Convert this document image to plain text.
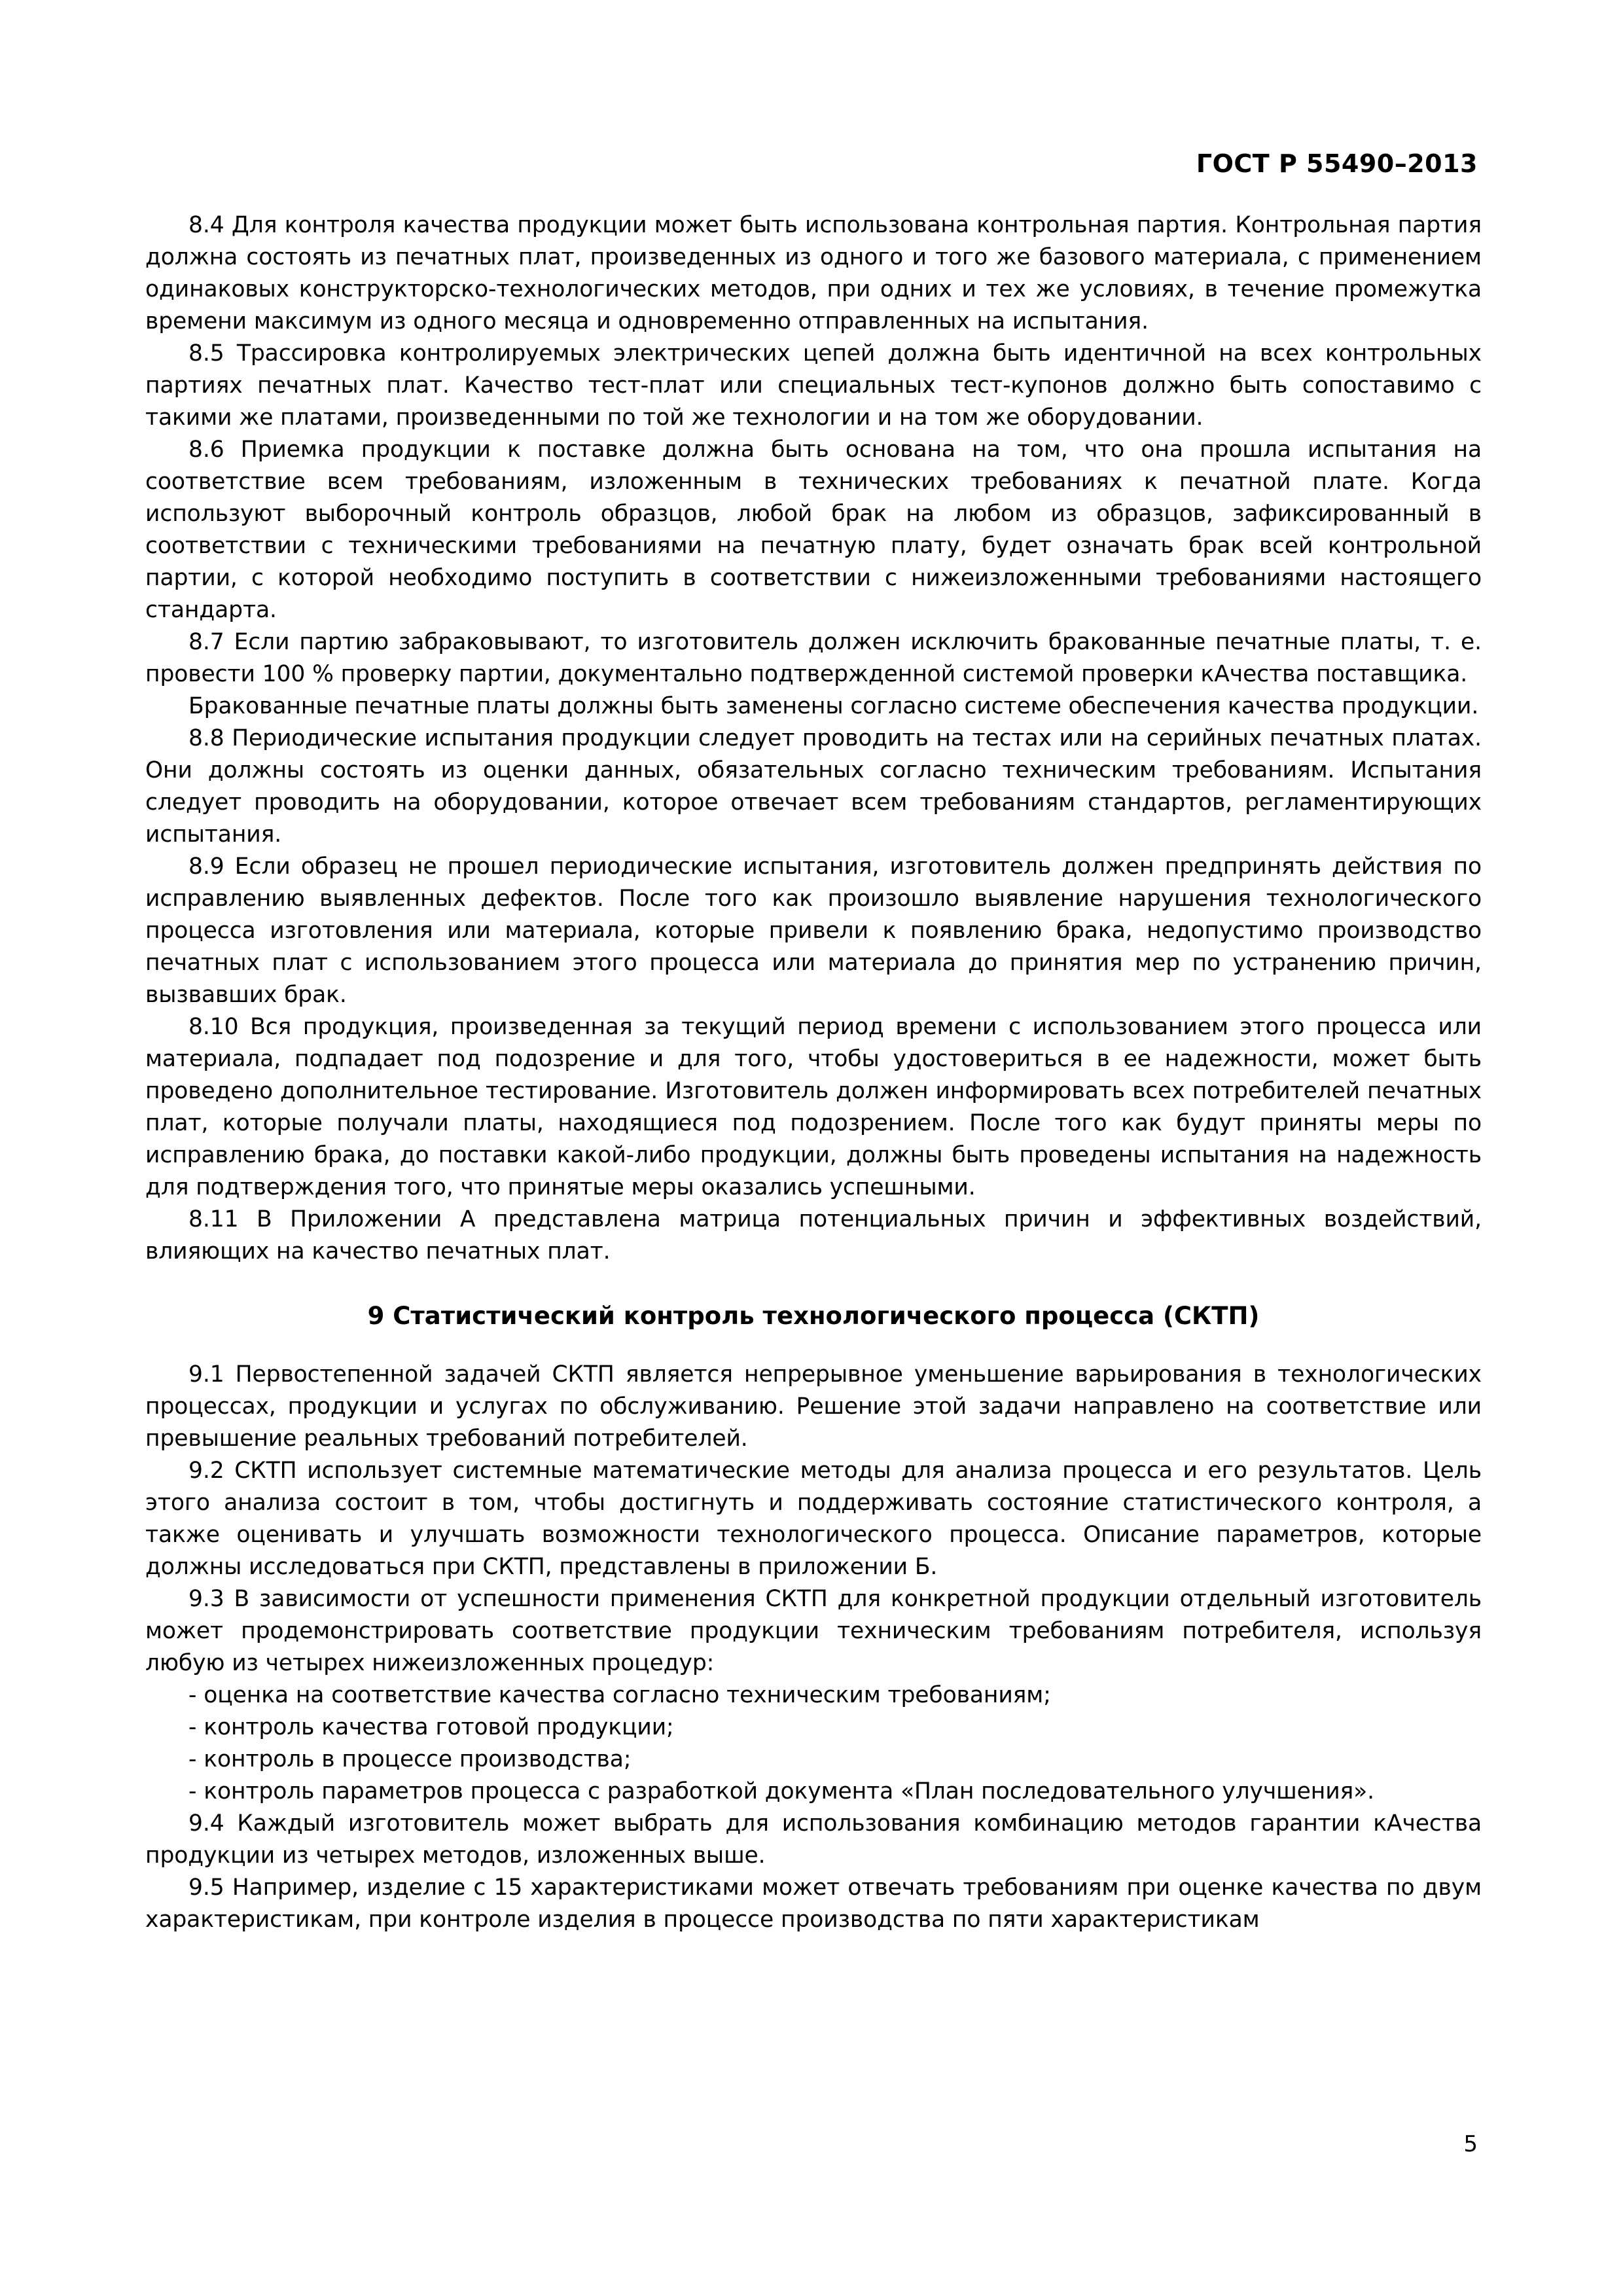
ГОСТ Р 55490–2013

8.4 Для контроля качества продукции может быть использована контрольная партия. Контрольная партия должна состоять из печатных плат, произведенных из одного и того же базового материала, с применением одинаковых конструкторско-технологических методов, при одних и тех же условиях, в течение промежутка времени максимум из одного месяца и одновременно отправленных на испытания.

8.5 Трассировка контролируемых электрических цепей должна быть идентичной на всех контрольных партиях печатных плат. Качество тест-плат или специальных тест-купонов должно быть сопоставимо с такими же платами, произведенными по той же технологии и на том же оборудовании.

8.6 Приемка продукции к поставке должна быть основана на том, что она прошла испытания на соответствие всем требованиям, изложенным в технических требованиях к печатной плате. Когда используют выборочный контроль образцов, любой брак на любом из образцов, зафиксированный в соответствии с техническими требованиями на печатную плату, будет означать брак всей контрольной партии, с которой необходимо поступить в соответствии с нижеизложенными требованиями настоящего стандарта.

8.7 Если партию забраковывают, то изготовитель должен исключить бракованные печатные платы, т. е. провести 100 % проверку партии, документально подтвержденной системой проверки кАчества поставщика.

Бракованные печатные платы должны быть заменены согласно системе обеспечения качества продукции.

8.8 Периодические испытания продукции следует проводить на тестах или на серийных печатных платах. Они должны состоять из оценки данных, обязательных согласно техническим требованиям. Испытания следует проводить на оборудовании, которое отвечает всем требованиям стандартов, регламентирующих испытания.

8.9 Если образец не прошел периодические испытания, изготовитель должен предпринять действия по исправлению выявленных дефектов. После того как произошло выявление нарушения технологического процесса изготовления или материала, которые привели к появлению брака, недопустимо производство печатных плат с использованием этого процесса или материала до принятия мер по устранению причин, вызвавших брак.

8.10 Вся продукция, произведенная за текущий период времени с использованием этого процесса или материала, подпадает под подозрение и для того, чтобы удостовериться в ее надежности, может быть проведено дополнительное тестирование. Изготовитель должен информировать всех потребителей печатных плат, которые получали платы, находящиеся под подозрением. После того как будут приняты меры по исправлению брака, до поставки какой-либо продукции, должны быть проведены испытания на надежность для подтверждения того, что принятые меры оказались успешными.

8.11 В Приложении А представлена матрица потенциальных причин и эффективных воздействий, влияющих на качество печатных плат.

9 Статистический контроль технологического процесса (СКТП)

9.1 Первостепенной задачей СКТП является непрерывное уменьшение варьирования в технологических процессах, продукции и услугах по обслуживанию. Решение этой задачи направлено на соответствие или превышение реальных требований потребителей.

9.2 СКТП использует системные математические методы для анализа процесса и его результатов. Цель этого анализа состоит в том, чтобы достигнуть и поддерживать состояние статистического контроля, а также оценивать и улучшать возможности технологического процесса. Описание параметров, которые должны исследоваться при СКТП, представлены в приложении Б.

9.3 В зависимости от успешности применения СКТП для конкретной продукции отдельный изготовитель может продемонстрировать соответствие продукции техническим требованиям потребителя, используя любую из четырех нижеизложенных процедур:

- оценка на соответствие качества согласно техническим требованиям;

- контроль качества готовой продукции;

- контроль в процессе производства;

- контроль параметров процесса с разработкой документа «План последовательного улучшения».

9.4 Каждый изготовитель может выбрать для использования комбинацию методов гарантии кАчества продукции из четырех методов, изложенных выше.

9.5 Например, изделие с 15 характеристиками может отвечать требованиям при оценке качества по двум характеристикам, при контроле изделия в процессе производства по пяти характеристикам

5
